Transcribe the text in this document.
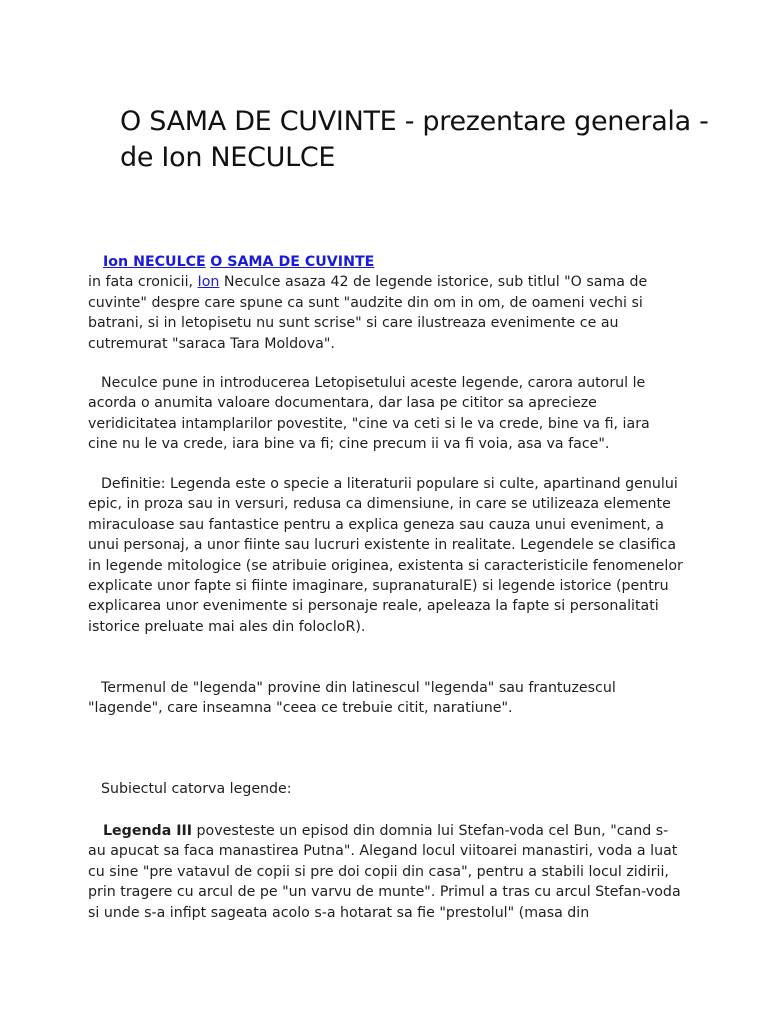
O SAMA DE CUVINTE - prezentare generala - de Ion NECULCE

Ion NECULCE O SAMA DE CUVINTE
in fata cronicii, Ion Neculce asaza 42 de legende istorice, sub titlul "O sama de cuvinte" despre care spune ca sunt "audzite din om in om, de oameni vechi si batrani, si in letopisetu nu sunt scrise" si care ilustreaza evenimente ce au cutremurat "saraca Tara Moldova".

Neculce pune in introducerea Letopisetului aceste legende, carora autorul le acorda o anumita valoare documentara, dar lasa pe cititor sa aprecieze veridicitatea intamplarilor povestite, "cine va ceti si le va crede, bine va fi, iara cine nu le va crede, iara bine va fi; cine precum ii va fi voia, asa va face".

Definitie: Legenda este o specie a literaturii populare si culte, apartinand genului epic, in proza sau in versuri, redusa ca dimensiune, in care se utilizeaza elemente miraculoase sau fantastice pentru a explica geneza sau cauza unui eveniment, a unui personaj, a unor fiinte sau lucruri existente in realitate. Legendele se clasifica in legende mitologice (se atribuie originea, existenta si caracteristicile fenomenelor explicate unor fapte si fiinte imaginare, supranaturalE) si legende istorice (pentru explicarea unor evenimente si personaje reale, apeleaza la fapte si personalitati istorice preluate mai ales din folocloR).

Termenul de "legenda" provine din latinescul "legenda" sau frantuzescul "lagende", care inseamna "ceea ce trebuie citit, naratiune".

Subiectul catorva legende:

Legenda III povesteste un episod din domnia lui Stefan-voda cel Bun, "cand s-au apucat sa faca manastirea Putna". Alegand locul viitoarei manastiri, voda a luat cu sine "pre vatavul de copii si pre doi copii din casa", pentru a stabili locul zidirii, prin tragere cu arcul de pe "un varvu de munte". Primul a tras cu arcul Stefan-voda si unde s-a infipt sageata acolo s-a hotarat sa fie "prestolul" (masa din
